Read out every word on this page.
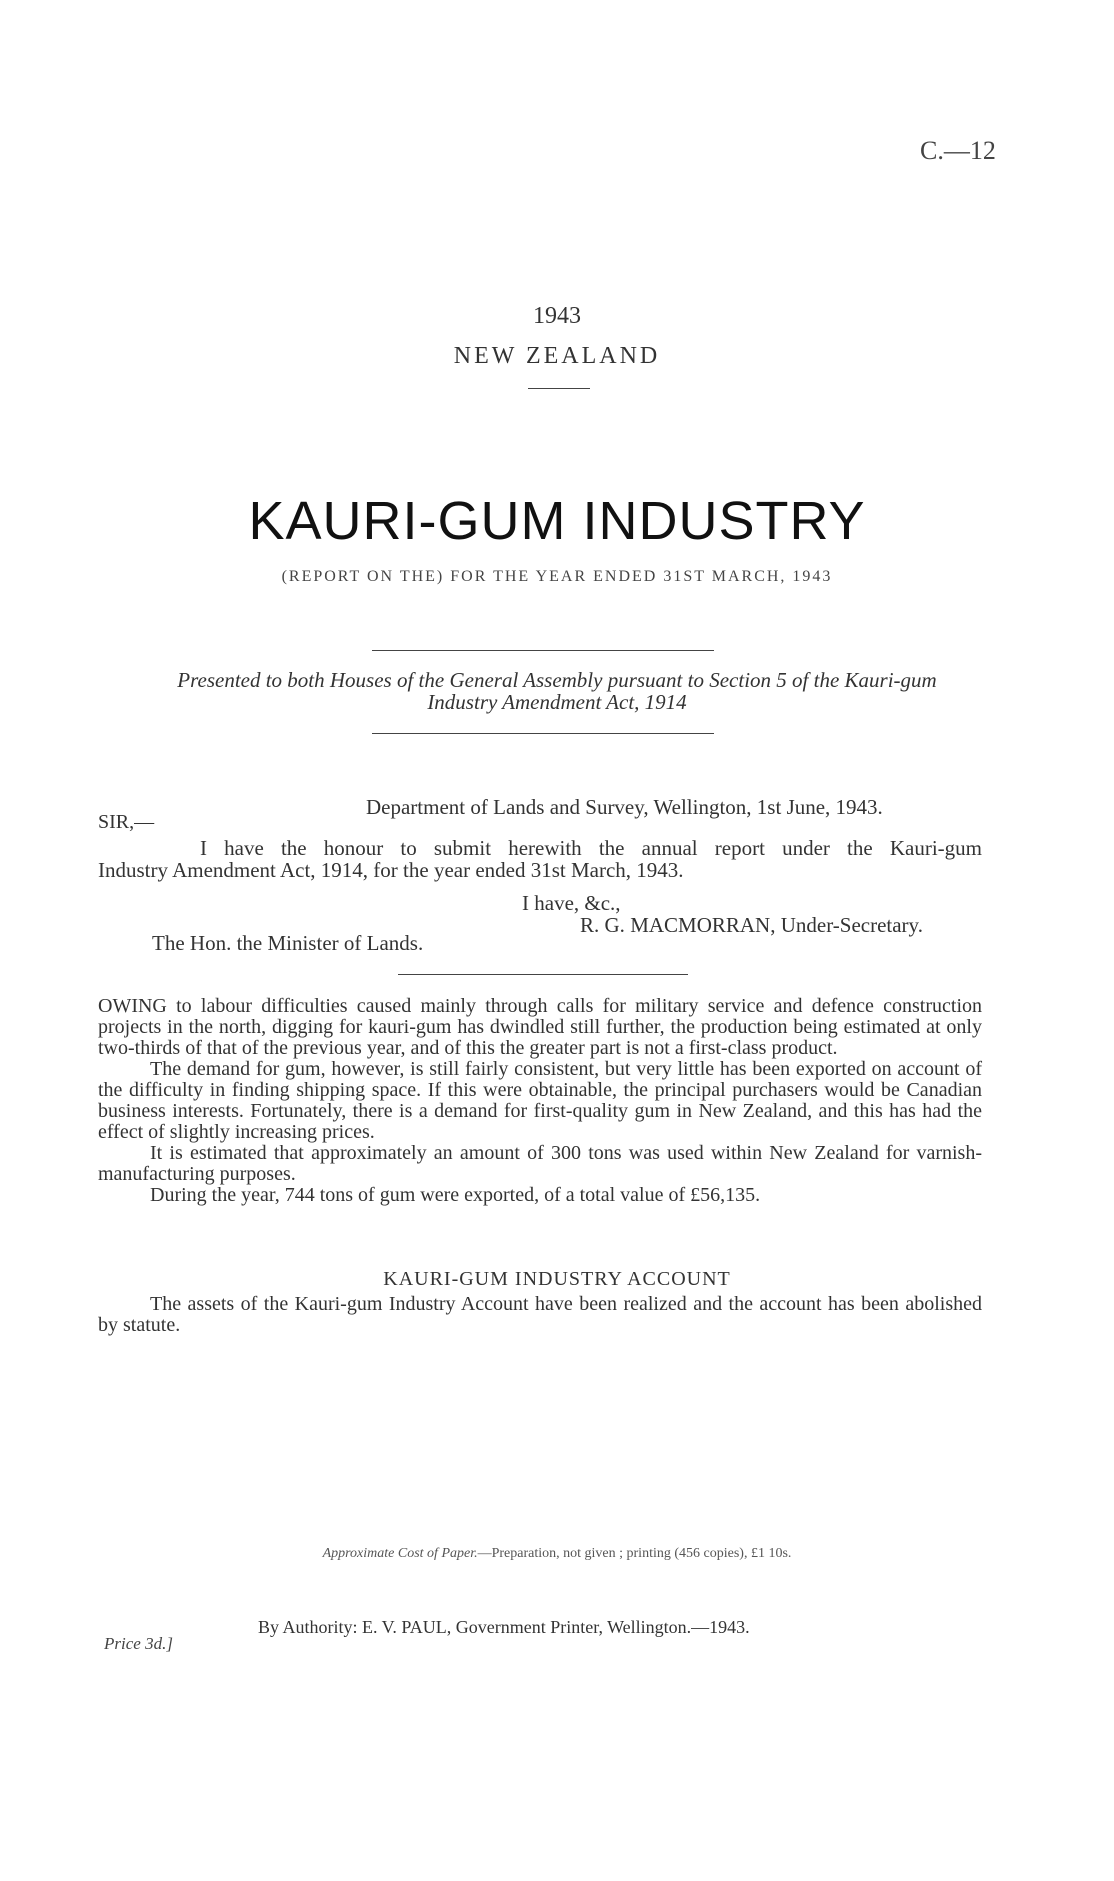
C.—12
1943
NEW ZEALAND
KAURI-GUM INDUSTRY
(REPORT ON THE) FOR THE YEAR ENDED 31ST MARCH, 1943
Presented to both Houses of the General Assembly pursuant to Section 5 of the Kauri-gum
Industry Amendment Act, 1914
Department of Lands and Survey, Wellington, 1st June, 1943.
SIR,—
I have the honour to submit herewith the annual report under the Kauri-gum
Industry Amendment Act, 1914, for the year ended 31st March, 1943.
I have, &c.,
R. G. MACMORRAN, Under-Secretary.
The Hon. the Minister of Lands.

OWING to labour difficulties caused mainly through calls for military service and defence construction projects in the north, digging for kauri-gum has dwindled still further, the production being estimated at only two-thirds of that of the previous year, and of this the greater part is not a first-class product.

The demand for gum, however, is still fairly consistent, but very little has been exported on account of the difficulty in finding shipping space. If this were obtainable, the principal purchasers would be Canadian business interests. Fortunately, there is a demand for first-quality gum in New Zealand, and this has had the effect of slightly increasing prices.

It is estimated that approximately an amount of 300 tons was used within New Zealand for varnish-manufacturing purposes.

During the year, 744 tons of gum were exported, of a total value of £56,135.

KAURI-GUM INDUSTRY ACCOUNT

The assets of the Kauri-gum Industry Account have been realized and the account has been abolished by statute.

Approximate Cost of Paper.—Preparation, not given ; printing (456 copies), £1 10s.
Price 3d.]
By Authority: E. V. PAUL, Government Printer, Wellington.—1943.
